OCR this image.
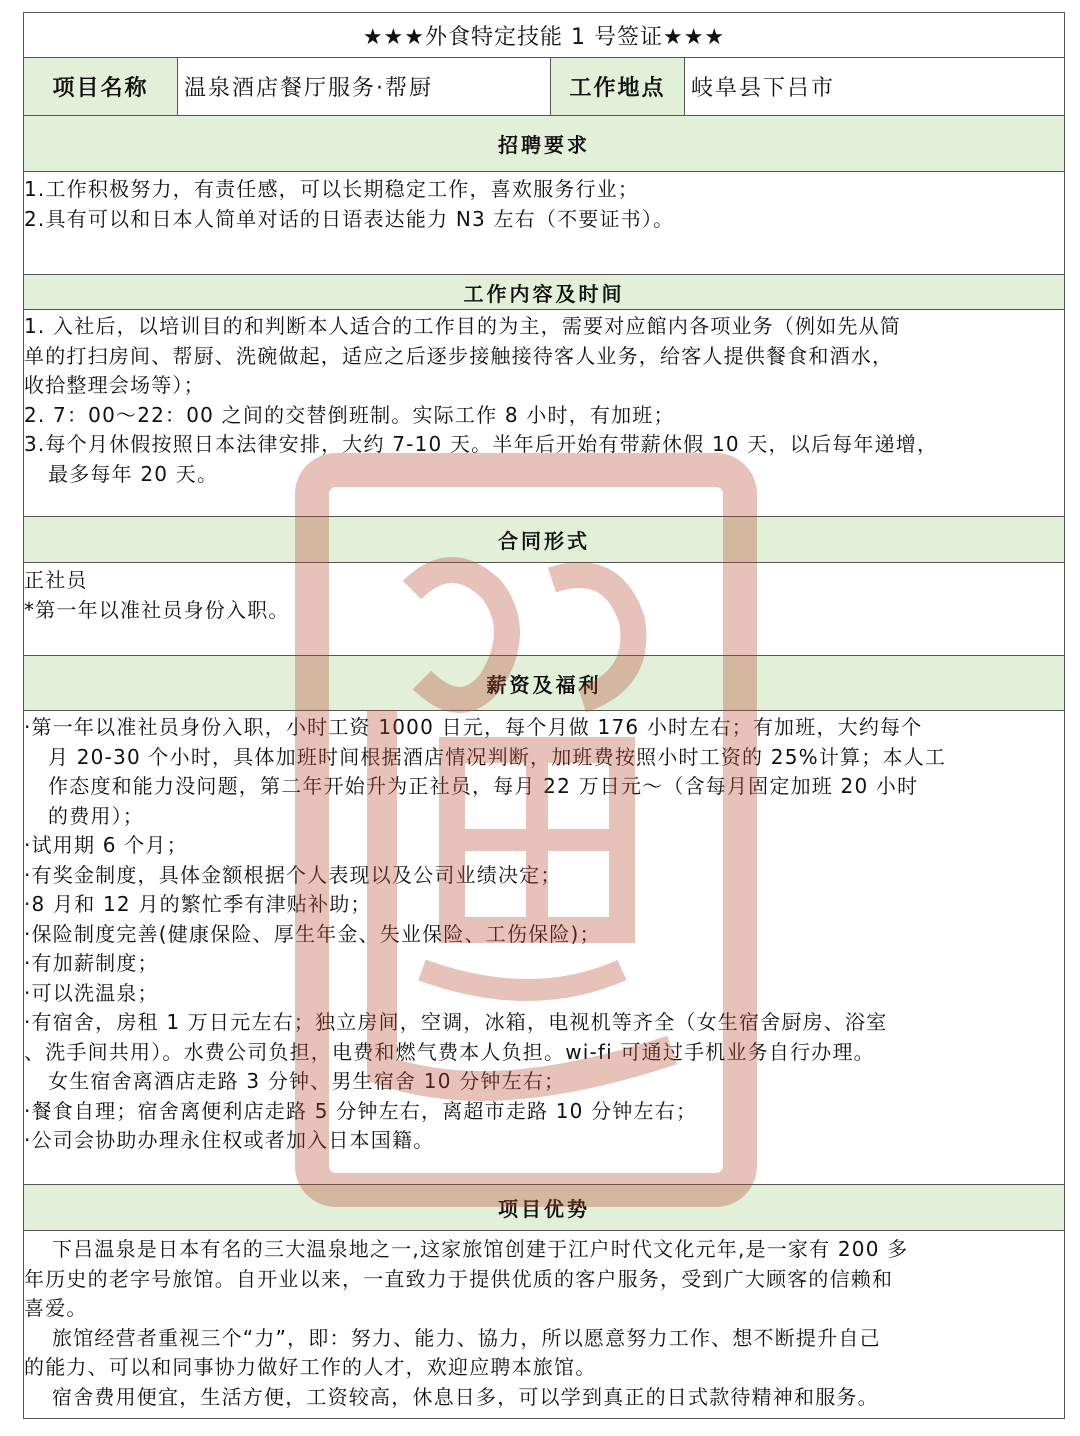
★★★外食特定技能 1 号签证★★★
项目名称	温泉酒店餐厅服务·帮厨	工作地点	岐阜县下吕市
招聘要求

1.工作积极努力，有责任感，可以长期稳定工作，喜欢服务行业；

2.具有可以和日本人简单对话的日语表达能力 N3 左右（不要证书）。

工作内容及时间

1. 入社后，以培训目的和判断本人适合的工作目的为主，需要对应館内各项业务（例如先从简

单的打扫房间、帮厨、洗碗做起，适应之后逐步接触接待客人业务，给客人提供餐食和酒水，

收拾整理会场等）；

2. 7：00～22：00 之间的交替倒班制。实际工作 8 小时，有加班；

3.每个月休假按照日本法律安排，大约 7-10 天。半年后开始有带薪休假 10 天，以后每年递增，

最多每年 20 天。

合同形式

正社员

*第一年以准社员身份入职。

薪资及福利

·第一年以准社员身份入职，小时工资 1000 日元，每个月做 176 小时左右；有加班，大约每个

月 20-30 个小时，具体加班时间根据酒店情况判断，加班费按照小时工资的 25%计算；本人工

作态度和能力没问题，第二年开始升为正社员，每月 22 万日元～（含每月固定加班 20 小时

的费用）；

·试用期 6 个月；

·有奖金制度，具体金额根据个人表现以及公司业绩决定；

·8 月和 12 月的繁忙季有津贴补助；

·保险制度完善(健康保险、厚生年金、失业保险、工伤保险)；

·有加薪制度；

·可以洗温泉；

·有宿舍，房租 1 万日元左右；独立房间，空调，冰箱，电视机等齐全（女生宿舍厨房、浴室

、洗手间共用）。水费公司负担，电费和燃气费本人负担。wi-fi 可通过手机业务自行办理。

女生宿舍离酒店走路 3 分钟、男生宿舍 10 分钟左右；

·餐食自理；宿舍离便利店走路 5 分钟左右，离超市走路 10 分钟左右；

·公司会协助办理永住权或者加入日本国籍。

项目优势

下吕温泉是日本有名的三大温泉地之一,这家旅馆创建于江户时代文化元年,是一家有 200 多

年历史的老字号旅馆。自开业以来，一直致力于提供优质的客户服务，受到广大顾客的信赖和

喜爱。

旅馆经营者重视三个“力”，即：努力、能力、協力，所以愿意努力工作、想不断提升自己

的能力、可以和同事协力做好工作的人才，欢迎应聘本旅馆。

宿舍费用便宜，生活方便，工资较高，休息日多，可以学到真正的日式款待精神和服务。
